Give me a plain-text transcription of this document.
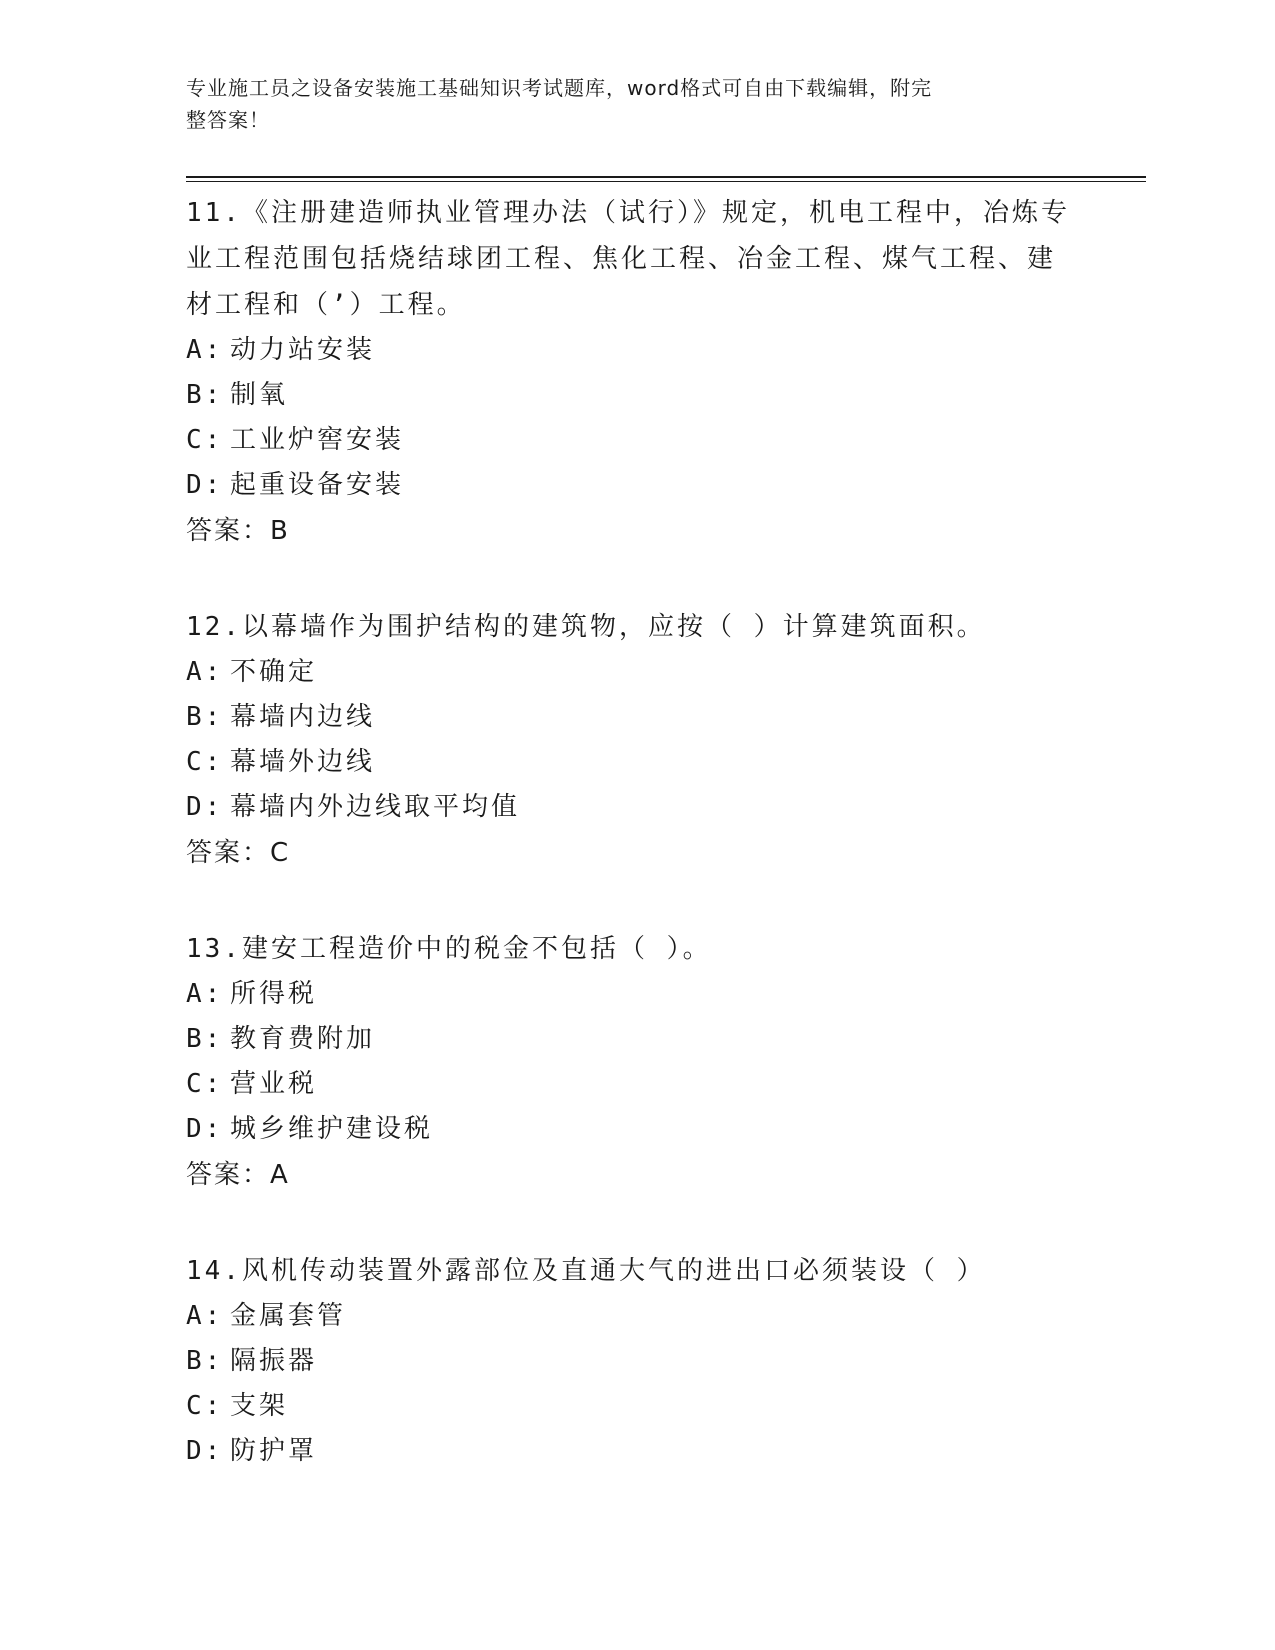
专业施工员之设备安装施工基础知识考试题库，word格式可自由下载编辑，附完
整答案！

11.《注册建造师执业管理办法（试行）》规定，机电工程中，冶炼专

业工程范围包括烧结球团工程、焦化工程、冶金工程、煤气工程、建

材工程和（’）工程。

A: 动力站安装

B: 制氧

C: 工业炉窖安装

D: 起重设备安装

答案：B

12.以幕墙作为围护结构的建筑物，应按（ ）计算建筑面积。

A: 不确定

B: 幕墙内边线

C: 幕墙外边线

D: 幕墙内外边线取平均值

答案：C

13.建安工程造价中的税金不包括（ ）。

A: 所得税

B: 教育费附加

C: 营业税

D: 城乡维护建设税

答案：A

14.风机传动装置外露部位及直通大气的进出口必须装设（ ）

A: 金属套管

B: 隔振器

C: 支架

D: 防护罩
